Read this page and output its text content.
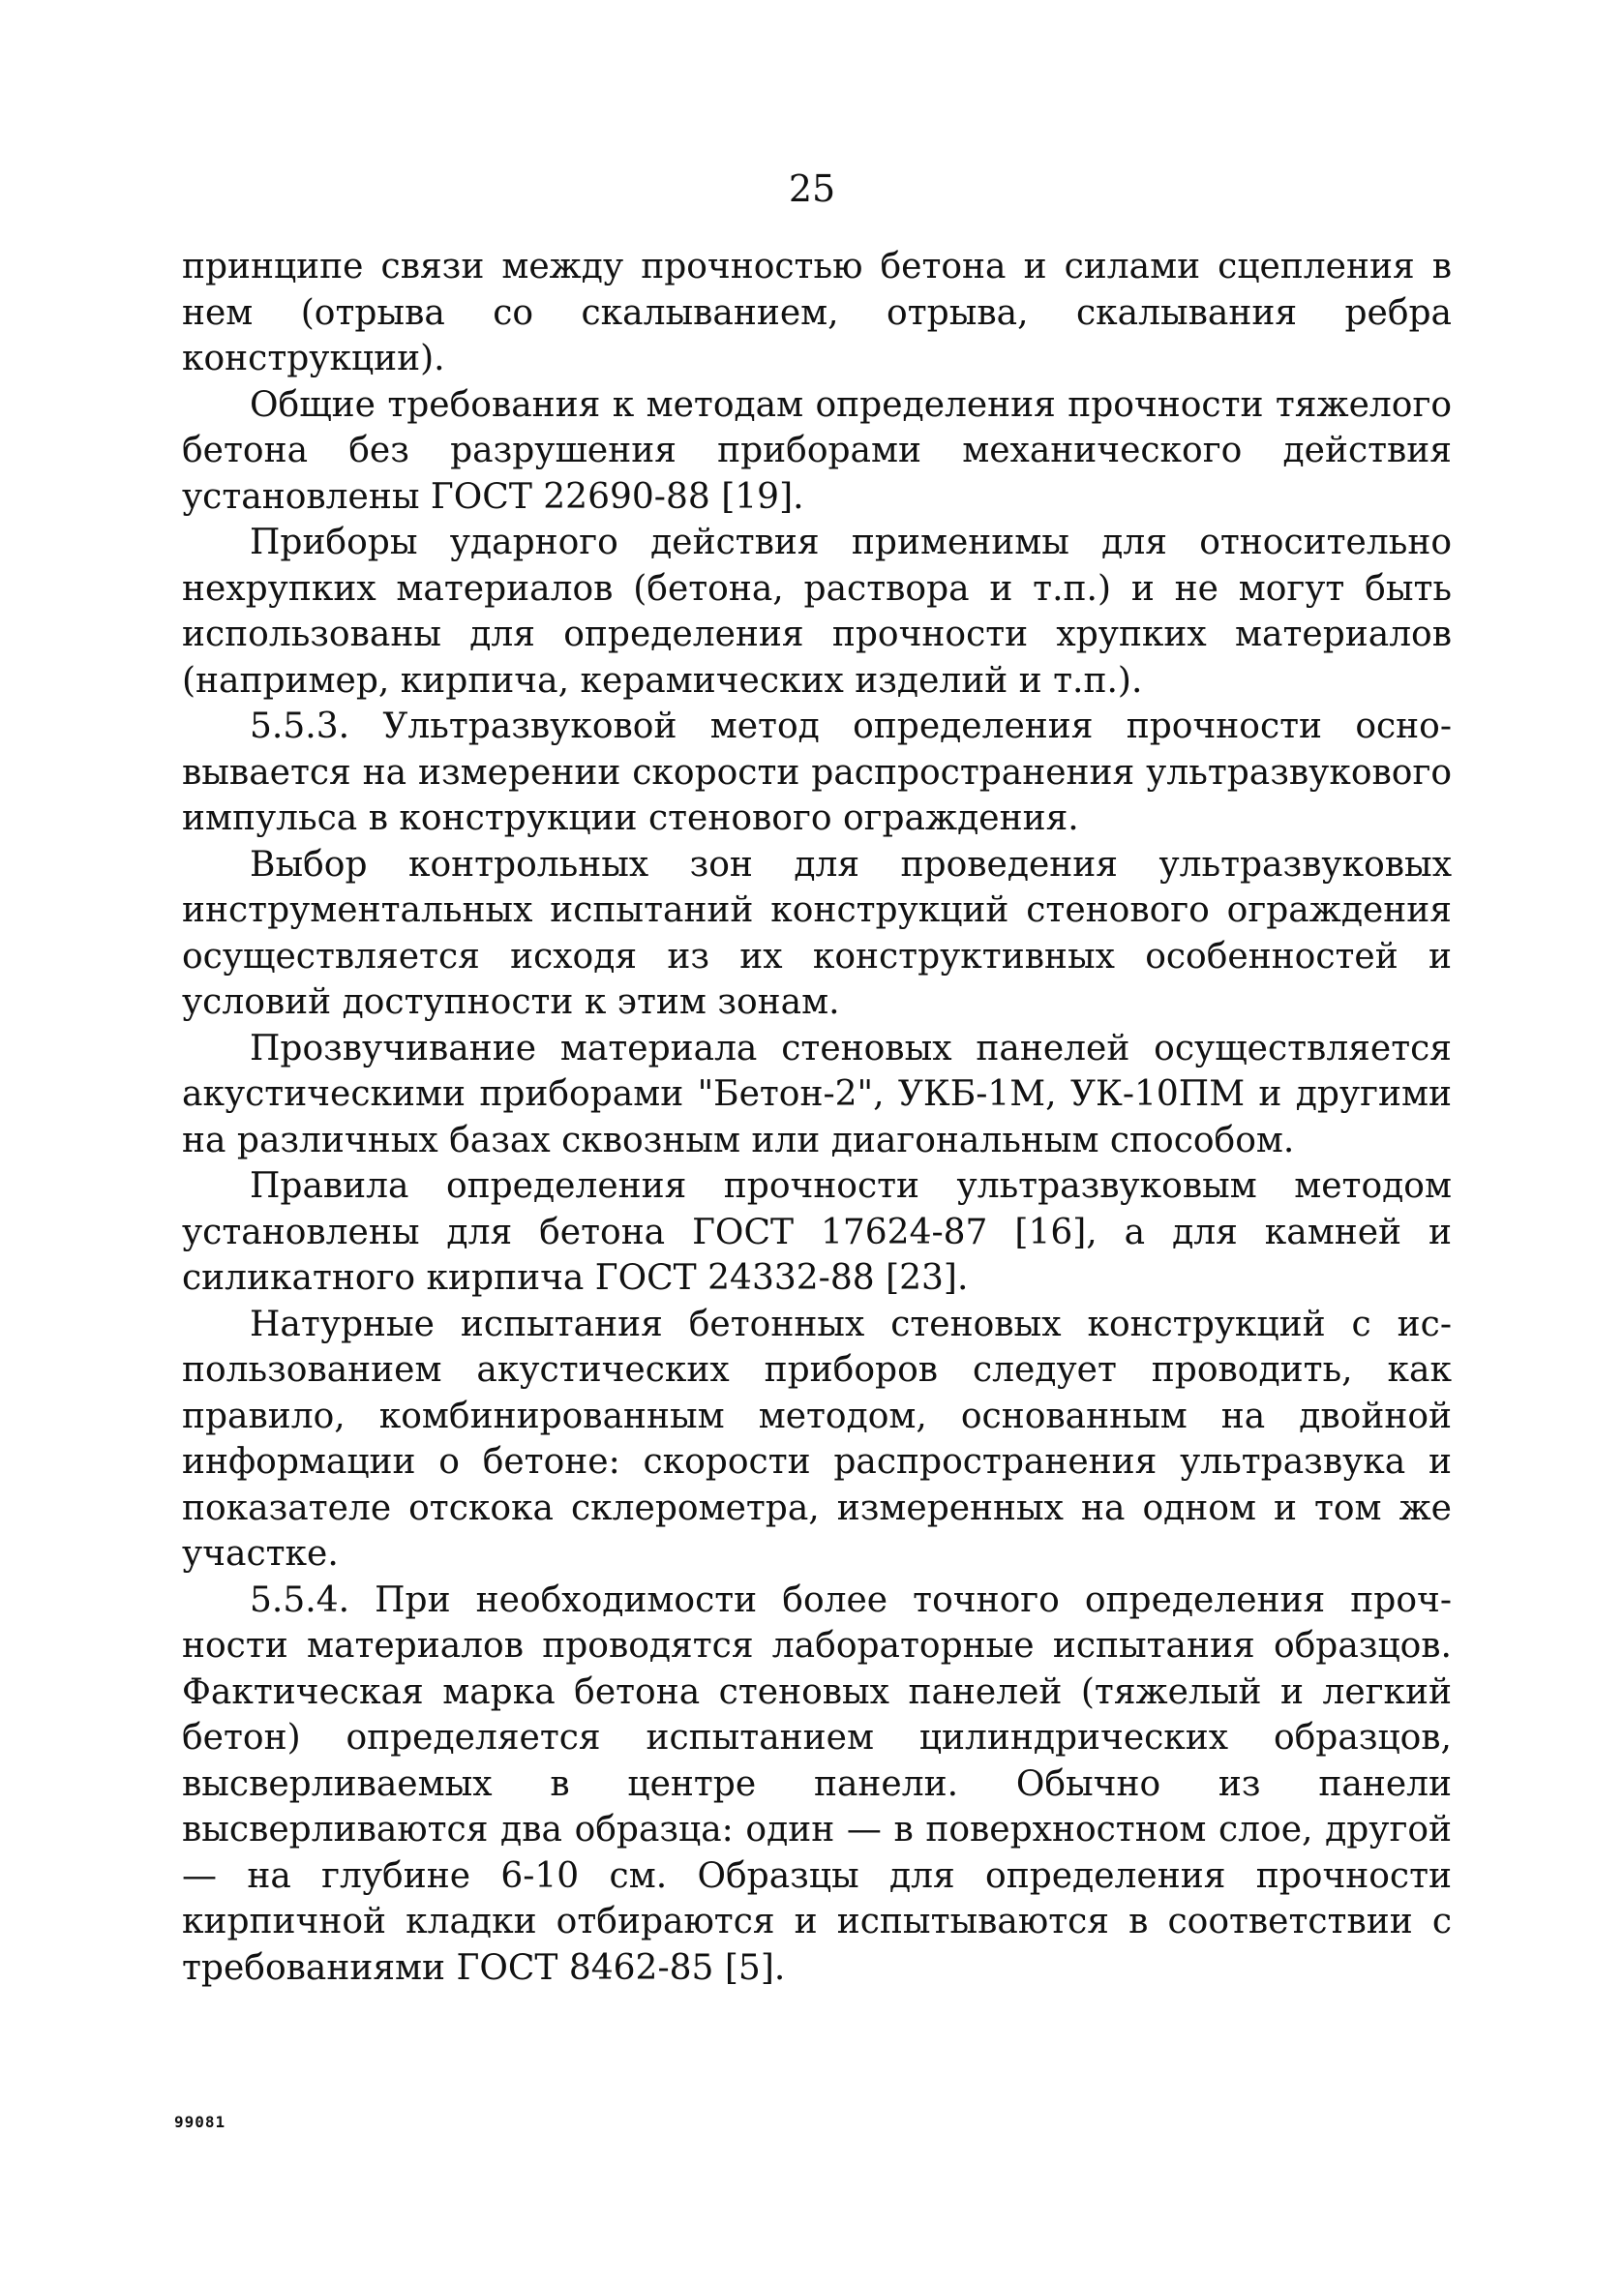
25

принципе связи между прочностью бетона и силами сцепления в нем (отрыва со скалыванием, отрыва, скалывания ребра конструкции).

Общие требования к методам определения прочности тяжелого бетона без разрушения приборами механического действия установлены ГОСТ 22690-88 [19].

Приборы ударного действия применимы для относительно нехрупких материалов (бетона, раствора и т.п.) и не могут быть использованы для определения прочности хрупких материалов (например, кирпича, керамических изделий и т.п.).

5.5.3. Ультразвуковой метод определения прочности основывается на измерении скорости распространения ультразвукового импульса в конструкции стенового ограждения.

Выбор контрольных зон для проведения ультразвуковых инструментальных испытаний конструкций стенового ограждения осуществляется исходя из их конструктивных особенностей и условий доступности к этим зонам.

Прозвучивание материала стеновых панелей осуществляется акустическими приборами "Бетон-2", УКБ-1М, УК-10ПМ и другими на различных базах сквозным или диагональным способом.

Правила определения прочности ультразвуковым методом установлены для бетона ГОСТ 17624-87 [16], а для камней и силикатного кирпича ГОСТ 24332-88 [23].

Натурные испытания бетонных стеновых конструкций с использованием акустических приборов следует проводить, как правило, комбинированным методом, основанным на двойной информации о бетоне: скорости распространения ультразвука и показателе отскока склерометра, измеренных на одном и том же участке.

5.5.4. При необходимости более точного определения прочности материалов проводятся лабораторные испытания образцов. Фактическая марка бетона стеновых панелей (тяжелый и легкий бетон) определяется испытанием цилиндрических образцов, высверливаемых в центре панели. Обычно из панели высверливаются два образца: один — в поверхностном слое, другой — на глубине 6-10 см. Образцы для определения прочности кирпичной кладки отбираются и испытываются в соответствии с требованиями ГОСТ 8462-85 [5].

99081
